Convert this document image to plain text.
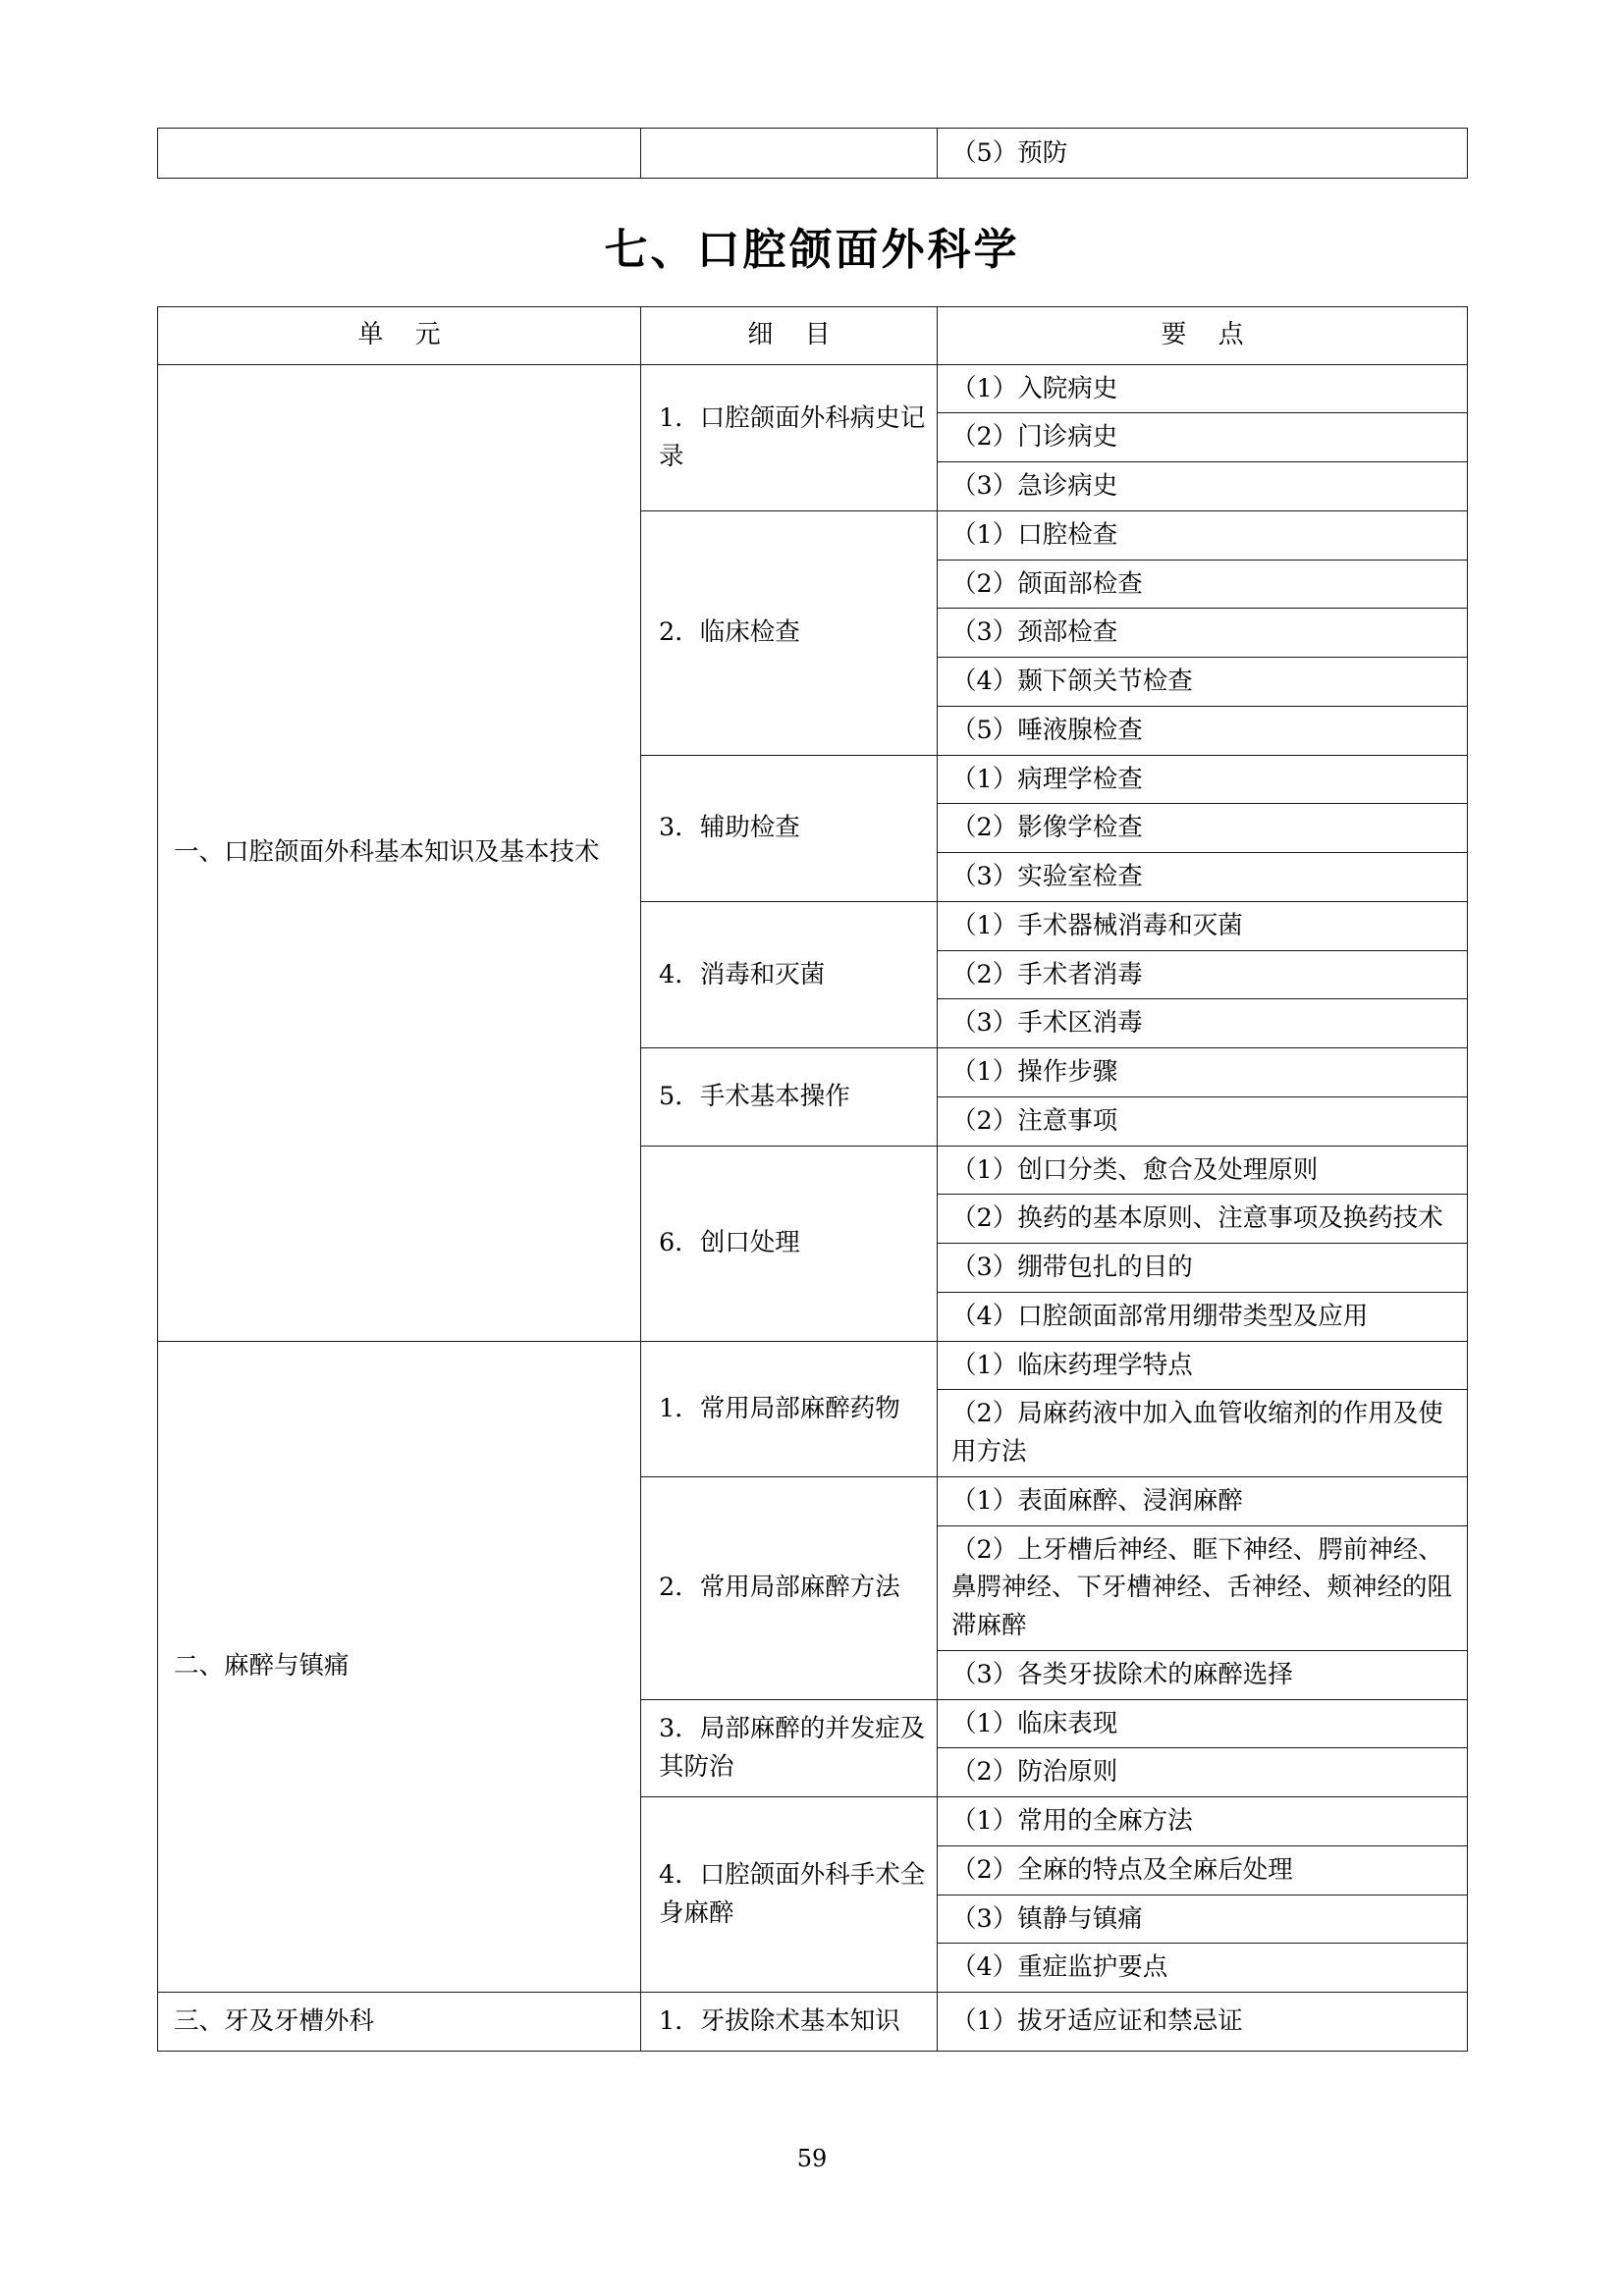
		（5）预防
七、口腔颌面外科学
单 元	细 目	要 点
一、口腔颌面外科基本知识及基本技术	1．口腔颌面外科病史记录	（1）入院病史
		（2）门诊病史
		（3）急诊病史
	2．临床检查	（1）口腔检查
		（2）颌面部检查
		（3）颈部检查
		（4）颞下颌关节检查
		（5）唾液腺检查
	3．辅助检查	（1）病理学检查
		（2）影像学检查
		（3）实验室检查
	4．消毒和灭菌	（1）手术器械消毒和灭菌
		（2）手术者消毒
		（3）手术区消毒
	5．手术基本操作	（1）操作步骤
		（2）注意事项
	6．创口处理	（1）创口分类、愈合及处理原则
		（2）换药的基本原则、注意事项及换药技术
		（3）绷带包扎的目的
		（4）口腔颌面部常用绷带类型及应用
二、麻醉与镇痛	1．常用局部麻醉药物	（1）临床药理学特点
		（2）局麻药液中加入血管收缩剂的作用及使用方法
	2．常用局部麻醉方法	（1）表面麻醉、浸润麻醉
		（2）上牙槽后神经、眶下神经、腭前神经、鼻腭神经、下牙槽神经、舌神经、颊神经的阻滞麻醉
		（3）各类牙拔除术的麻醉选择
	3．局部麻醉的并发症及其防治	（1）临床表现
		（2）防治原则
	4．口腔颌面外科手术全身麻醉	（1）常用的全麻方法
		（2）全麻的特点及全麻后处理
		（3）镇静与镇痛
		（4）重症监护要点
三、牙及牙槽外科	1．牙拔除术基本知识	（1）拔牙适应证和禁忌证
59
